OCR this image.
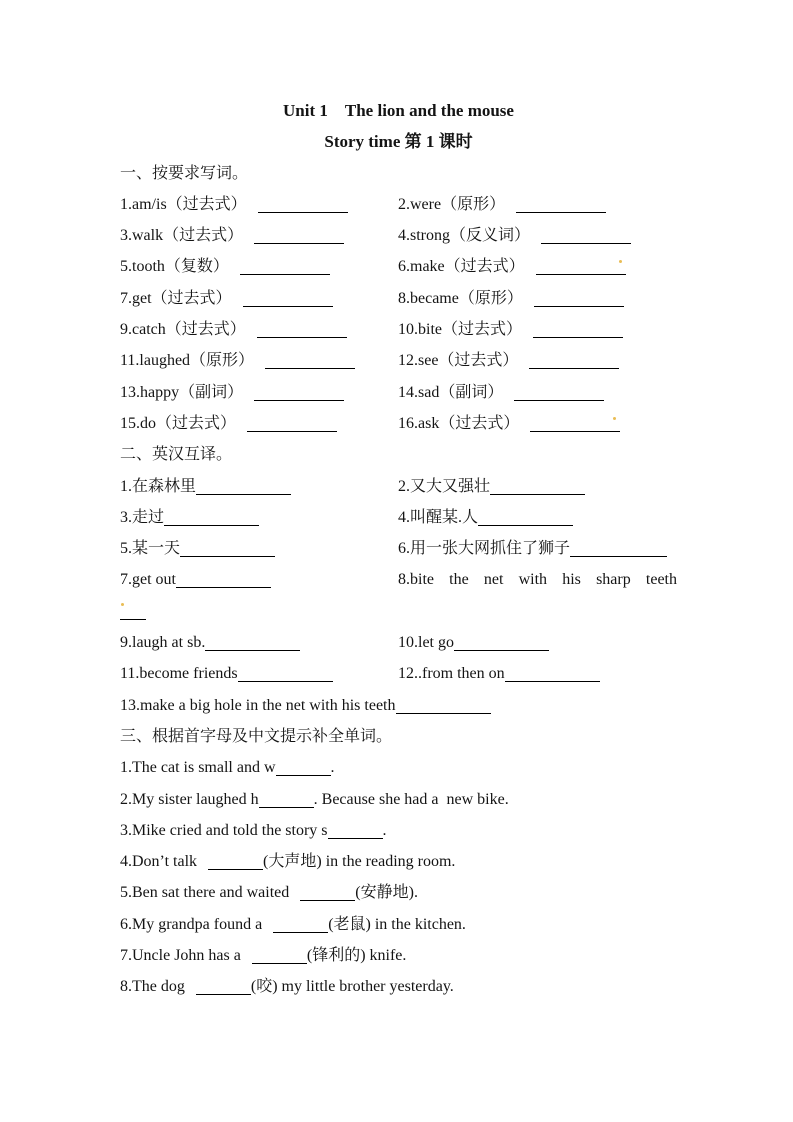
Unit 1 The lion and the mouse
Story time 第 1 课时
一、按要求写词。
1.am/is（过去式）	2.were（原形）
3.walk（过去式）	4.strong（反义词）
5.tooth（复数）	6.make（过去式）
7.get（过去式）	8.became（原形）
9.catch（过去式）	10.bite（过去式）
11.laughed（原形）	12.see（过去式）
13.happy（副词）	14.sad（副词）
15.do（过去式）	16.ask（过去式）
二、英汉互译。
1.在森林里	2.又大又强壮
3.走过	4.叫醒某.人
5.某一天	6.用一张大网抓住了狮子
7.get out	8.bite the net with his sharp teeth
9.laugh at sb.	10.let go
11.become friends	12..from then on
13.make a big hole in the net with his teeth
三、根据首字母及中文提示补全单词。
1.The cat is small and w	.
2.My sister laughed h	. Because she had a  new bike.
3.Mike cried and told the story s	.
4.Don’t talk	(大声地) in the reading room.
5.Ben sat there and waited	(安静地).
6.My grandpa found a	(老鼠) in the kitchen.
7.Uncle John has a	(锋利的) knife.
8.The dog	(咬) my little brother yesterday.
